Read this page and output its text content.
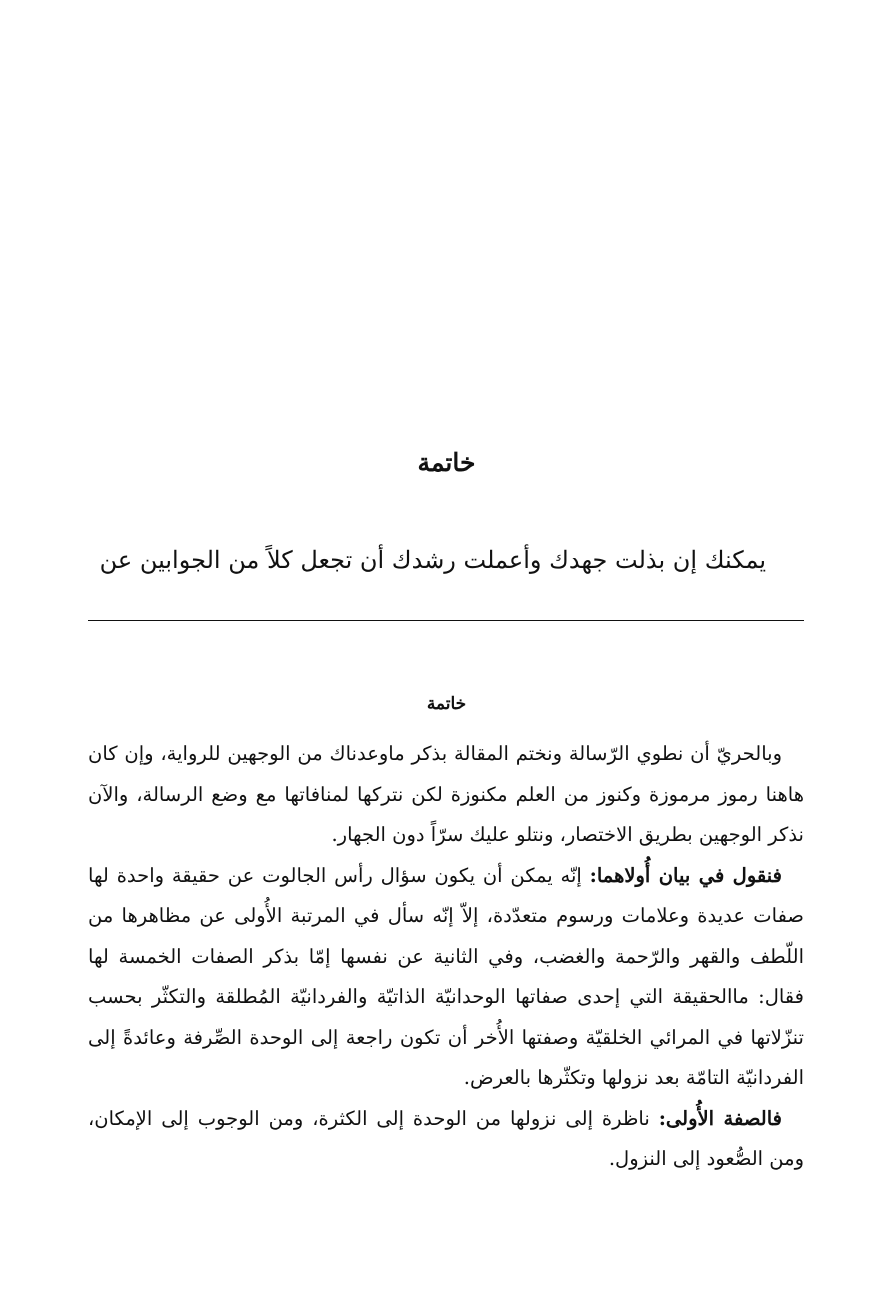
خاتمة
يمكنك إن بذلت جهدك وأعملت رشدك أن تجعل كلاً من الجوابين عن
خاتمة

وبالحريّ أن نطوي الرّسالة ونختم المقالة بذكر ماوعدناك من الوجهين للرواية، وإن كان هاهنا رموز مرموزة وكنوز من العلم مكنوزة لكن نتركها لمنافاتها مع وضع الرسالة، والآن نذكر الوجهين بطريق الاختصار، ونتلو عليك سرّاً دون الجهار.

فنقول في بيان أُولاهما: إنّه يمكن أن يكون سؤال رأس الجالوت عن حقيقة واحدة لها صفات عديدة وعلامات ورسوم متعدّدة، إلاّ إنّه سأل في المرتبة الأُولى عن مظاهرها من اللّطف والقهر والرّحمة والغضب، وفي الثانية عن نفسها إمّا بذكر الصفات الخمسة لها فقال: ماالحقيقة التي إحدى صفاتها الوحدانيّة الذاتيّة والفردانيّة المُطلقة والتكثّر بحسب تنزّلاتها في المرائي الخلقيّة وصفتها الأُخر أن تكون راجعة إلى الوحدة الصِّرفة وعائدةً إلى الفردانيّة التامّة بعد نزولها وتكثّرها بالعرض.

فالصفة الأُولى: ناظرة إلى نزولها من الوحدة إلى الكثرة، ومن الوجوب إلى الإمكان، ومن الصُّعود إلى النزول.
